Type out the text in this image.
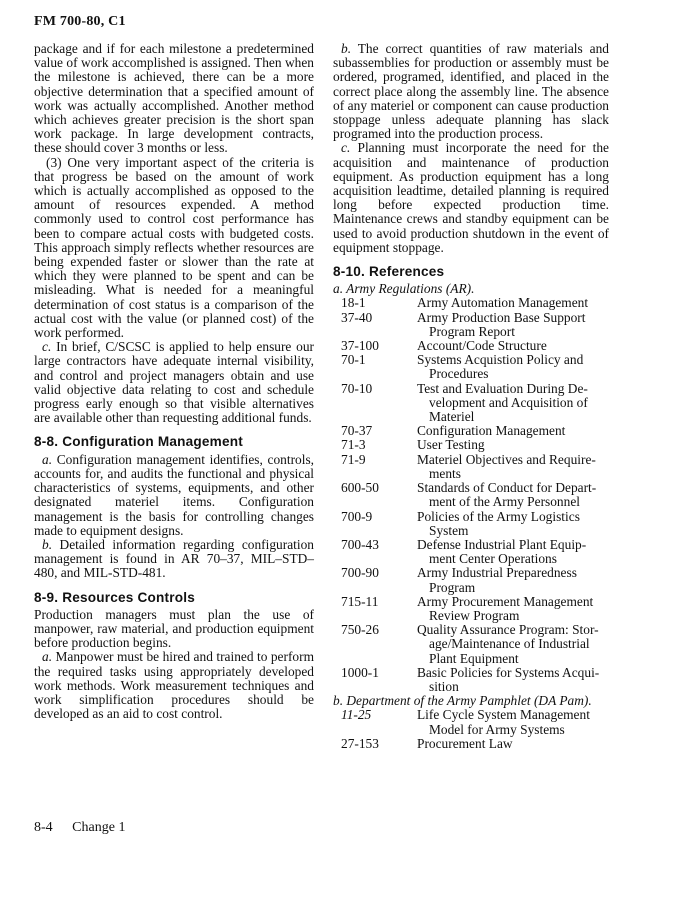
FM 700-80, C1

package and if for each milestone a predetermined value of work accomplished is assigned. Then when the milestone is achieved, there can be a more objective determination that a specified amount of work was actually accomplished. Another method which achieves greater precision is the short span work package. In large development contracts, these should cover 3 months or less.

(3) One very important aspect of the criteria is that progress be based on the amount of work which is actually accomplished as opposed to the amount of resources expended. A method commonly used to control cost performance has been to compare actual costs with budgeted costs. This approach simply reflects whether resources are being expended faster or slower than the rate at which they were planned to be spent and can be misleading. What is needed for a meaningful determination of cost status is a comparison of the actual cost with the value (or planned cost) of the work performed.

c. In brief, C/SCSC is applied to help ensure our large contractors have adequate internal visibility, and control and project managers obtain and use valid objective data relating to cost and schedule progress early enough so that visible alternatives are available other than requesting additional funds.

8-8. Configuration Management

a. Configuration management identifies, controls, accounts for, and audits the functional and physical characteristics of systems, equipments, and other designated materiel items. Configuration management is the basis for controlling changes made to equipment designs.

b. Detailed information regarding configuration management is found in AR 70–37, MIL–STD–480, and MIL-STD-481.

8-9. Resources Controls

Production managers must plan the use of manpower, raw material, and production equipment before production begins.

a. Manpower must be hired and trained to perform the required tasks using appropriately developed work methods. Work measurement techniques and work simplification procedures should be developed as an aid to cost control.

b. The correct quantities of raw materials and subassemblies for production or assembly must be ordered, programed, identified, and placed in the correct place along the assembly line. The absence of any materiel or component can cause production stoppage unless adequate planning has slack programed into the production process.

c. Planning must incorporate the need for the acquisition and maintenance of production equipment. As production equipment has a long acquisition leadtime, detailed planning is required long before expected production time. Maintenance crews and standby equipment can be used to avoid production shutdown in the event of equipment stoppage.

8-10. References

a. Army Regulations (AR).

18-1	Army Automation Management
37-40	Army Production Base Support
Program Report
37-100	Account/Code Structure
70-1	Systems Acquistion Policy and
Procedures
70-10	Test and Evaluation During De-
velopment and Acquisition of
Materiel
70-37	Configuration Management
71-3	User Testing
71-9	Materiel Objectives and Require-
ments
600-50	Standards of Conduct for Depart-
ment of the Army Personnel
700-9	Policies of the Army Logistics
System
700-43	Defense Industrial Plant Equip-
ment Center Operations
700-90	Army Industrial Preparedness
Program
715-11	Army Procurement Management
Review Program
750-26	Quality Assurance Program: Stor-
age/Maintenance of Industrial
Plant Equipment
1000-1	Basic Policies for Systems Acqui-
sition

b. Department of the Army Pamphlet (DA Pam).

11-25	Life Cycle System Management
Model for Army Systems
27-153	Procurement Law
8-4 Change 1
